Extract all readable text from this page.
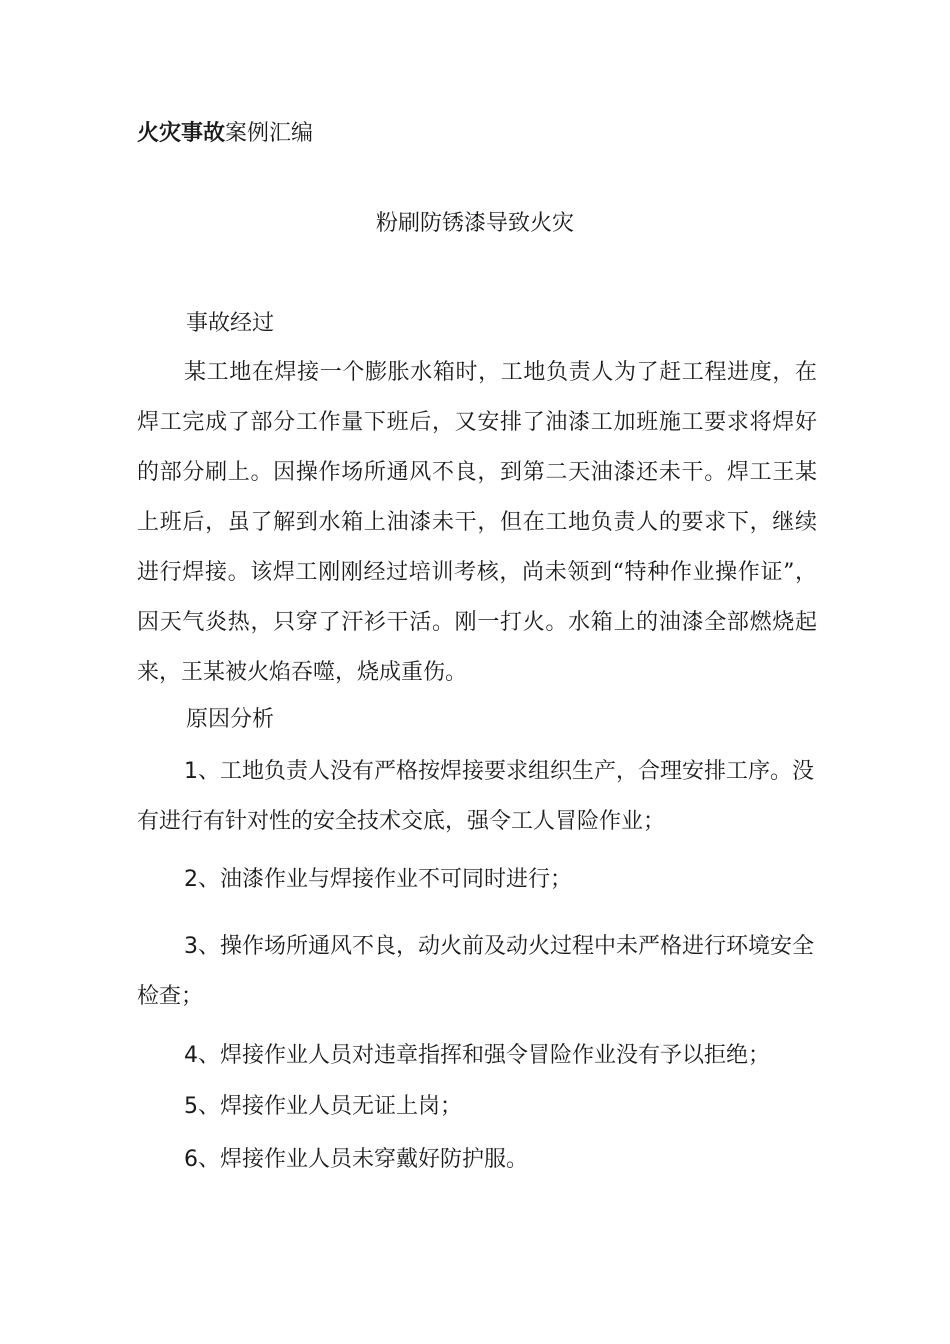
火灾事故案例汇编
粉刷防锈漆导致火灾
事故经过

某工地在焊接一个膨胀水箱时，工地负责人为了赶工程进度，在焊工完成了部分工作量下班后，又安排了油漆工加班施工要求将焊好的部分刷上。因操作场所通风不良，到第二天油漆还未干。焊工王某上班后，虽了解到水箱上油漆未干，但在工地负责人的要求下，继续进行焊接。该焊工刚刚经过培训考核，尚未领到“特种作业操作证”，因天气炎热，只穿了汗衫干活。刚一打火。水箱上的油漆全部燃烧起来，王某被火焰吞噬，烧成重伤。

原因分析

1、工地负责人没有严格按焊接要求组织生产，合理安排工序。没有进行有针对性的安全技术交底，强令工人冒险作业；

2、油漆作业与焊接作业不可同时进行；

3、操作场所通风不良，动火前及动火过程中未严格进行环境安全检查；

4、焊接作业人员对违章指挥和强令冒险作业没有予以拒绝；

5、焊接作业人员无证上岗；

6、焊接作业人员未穿戴好防护服。
